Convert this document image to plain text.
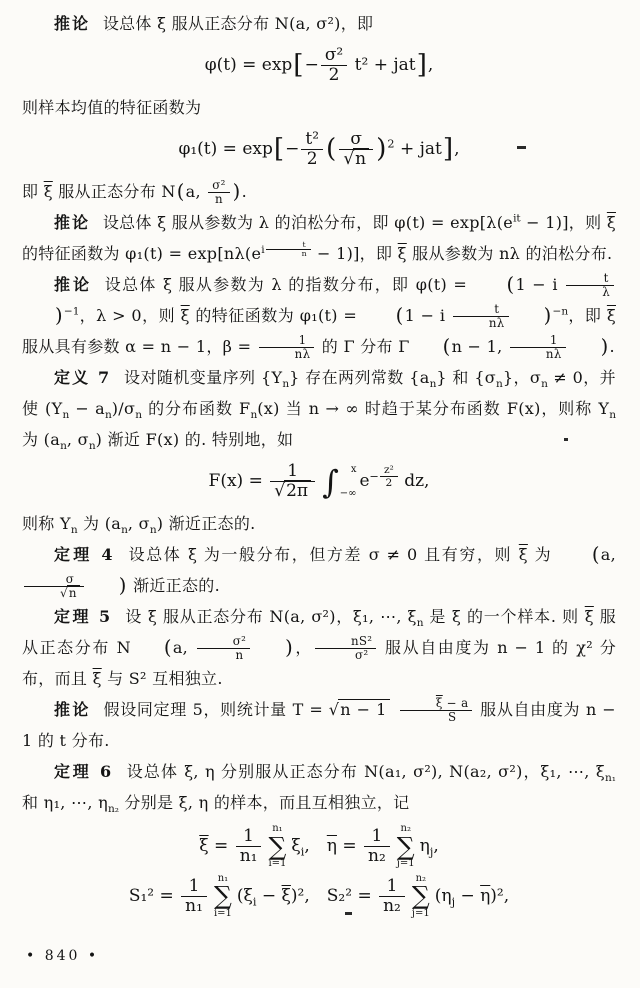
推论 设总体 ξ 服从正态分布 N(a, σ²)，即

$\varphi(t) = \exp[- \frac{\text{σ²}}{2} t^2 + jat]$,

则样本均值的特征函数为

$\varphi_1(t) = \exp[- \frac{\text{t²}}{2}$ ( $\frac{\sigma}{√n} )^2 + jat$],

即 $\overline{\xi}$ 服从正态分布 N(a, $\frac{\text{σ²}}{n}$ ).

推论 设总体 ξ 服从参数为 λ 的泊松分布，即 $\varphi(t) = \exp[\lambda(e^{it} - 1)]$，则 $\overline{\xi}$ 的特征函数为 $\varphi_1(t) = \exp[n\lambda(e^{i \frac{t}{n}} - 1)]$，即 $\overline{\xi}$ 服从参数为 nλ 的泊松分布.

推论 设总体 ξ 服从参数为 λ 的指数分布，即 φ(t) = (1 − i $\frac{t}{\lambda}$
)$^{-1}$，λ > 0，则 $\overline{\xi}$ 的特征函数为 φ₁(t) = (1 − i $\frac{t}{n\lambda} )^{-n}$，即 $\overline{\xi}$ 服从具有参数 α = n − 1，$\beta = \frac{1}{n\lambda}$ 的 Γ 分布 Γ (n − 1, $\frac{1}{n\lambda}$ ).

定义 7 设对随机变量序列 $\{Y_n\}$ 存在两列常数 $\{a_n\}$ 和 $\{\sigma_n\}$，$\sigma_n \ne 0$，并使 $(Y_n - a_n)/\sigma_n$ 的分布函数 $F_n(x)$ 当 n → ∞ 时趋于某分布函数 F(x)，则称 $Y_n$ 为 ($a_n$, $\sigma_n$) 渐近 F(x) 的. 特别地，如

$F(x) = \frac{1}{√2\pi}$ ∫ x
−∞
$e^{- \frac{\text{z²}}{2}}$ dz,

则称 $Y_n$ 为 ($a_n$, $\sigma_n$) 渐近正态的.

定理 4 设总体 ξ 为一般分布，但方差 σ ≠ 0 且有穷，则 $\overline{\xi}$ 为 (a,
$\frac{\sigma}{√n}$ ) 渐近正态的.

定理 5 设 ξ 服从正态分布 N(a, σ²)，ξ₁, ⋯, $\xi_n$ 是 ξ 的一个样本. 则 $\overline{\xi}$ 服从正态分布 N (a, $\frac{\text{σ²}}{n}$ )， $\frac{\text{nS²}}{\text{σ²}}$ 服从自由度为 n − 1 的 χ² 分布，而且 $\overline{\xi}$ 与 S² 互相独立.

推论 假设同定理 5，则统计量 T = √n − 1  $\frac{\overline{\xi} - a}{S}$ 服从自由度为 n − 1 的 t 分布.

定理 6 设总体 ξ, η 分别服从正态分布 N(a₁, σ²), N(a₂, σ²)，ξ₁, ⋯, $\xi_{n_1}$ 和 η₁, ⋯, $\eta_{n_2}$ 分别是 ξ, η 的样本，而且互相独立，记

$\overline{\xi} = \frac{1}{\text{n₁}} n_1$
∑
i=1
$\xi_i$, $\overline{\eta} = \frac{1}{\text{n₂}} n_2$
∑
j=1
$\eta_j$,
$S_1^2 = \frac{1}{\text{n₁}} n_1$
∑
i=1
$(\xi_i - \overline{\xi})^2$, $S_2^2 = \frac{1}{\text{n₂}} n_2$
∑
j=1
$(\eta_j - \overline{\eta})^2$,
• 840 •
